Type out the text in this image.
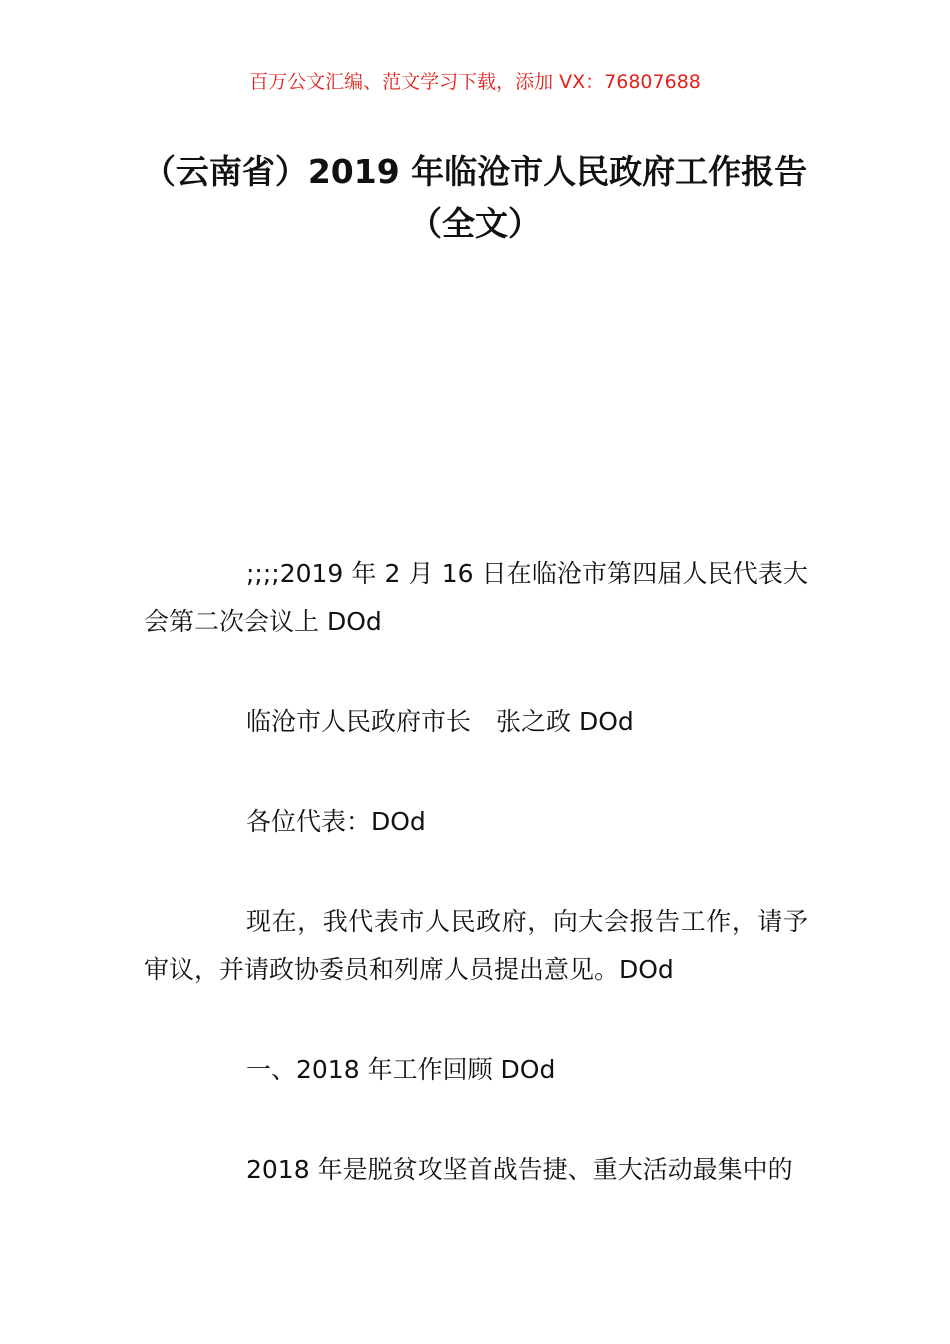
百万公文汇编、范文学习下载，添加 VX：76807688
（云南省）2019 年临沧市人民政府工作报告（全文）

;;;;2019 年 2 月 16 日在临沧市第四届人民代表大会第二次会议上 DOd

临沧市人民政府市长　张之政 DOd

各位代表：DOd

现在，我代表市人民政府，向大会报告工作，请予审议，并请政协委员和列席人员提出意见。DOd

一、2018 年工作回顾 DOd

2018 年是脱贫攻坚首战告捷、重大活动最集中的
